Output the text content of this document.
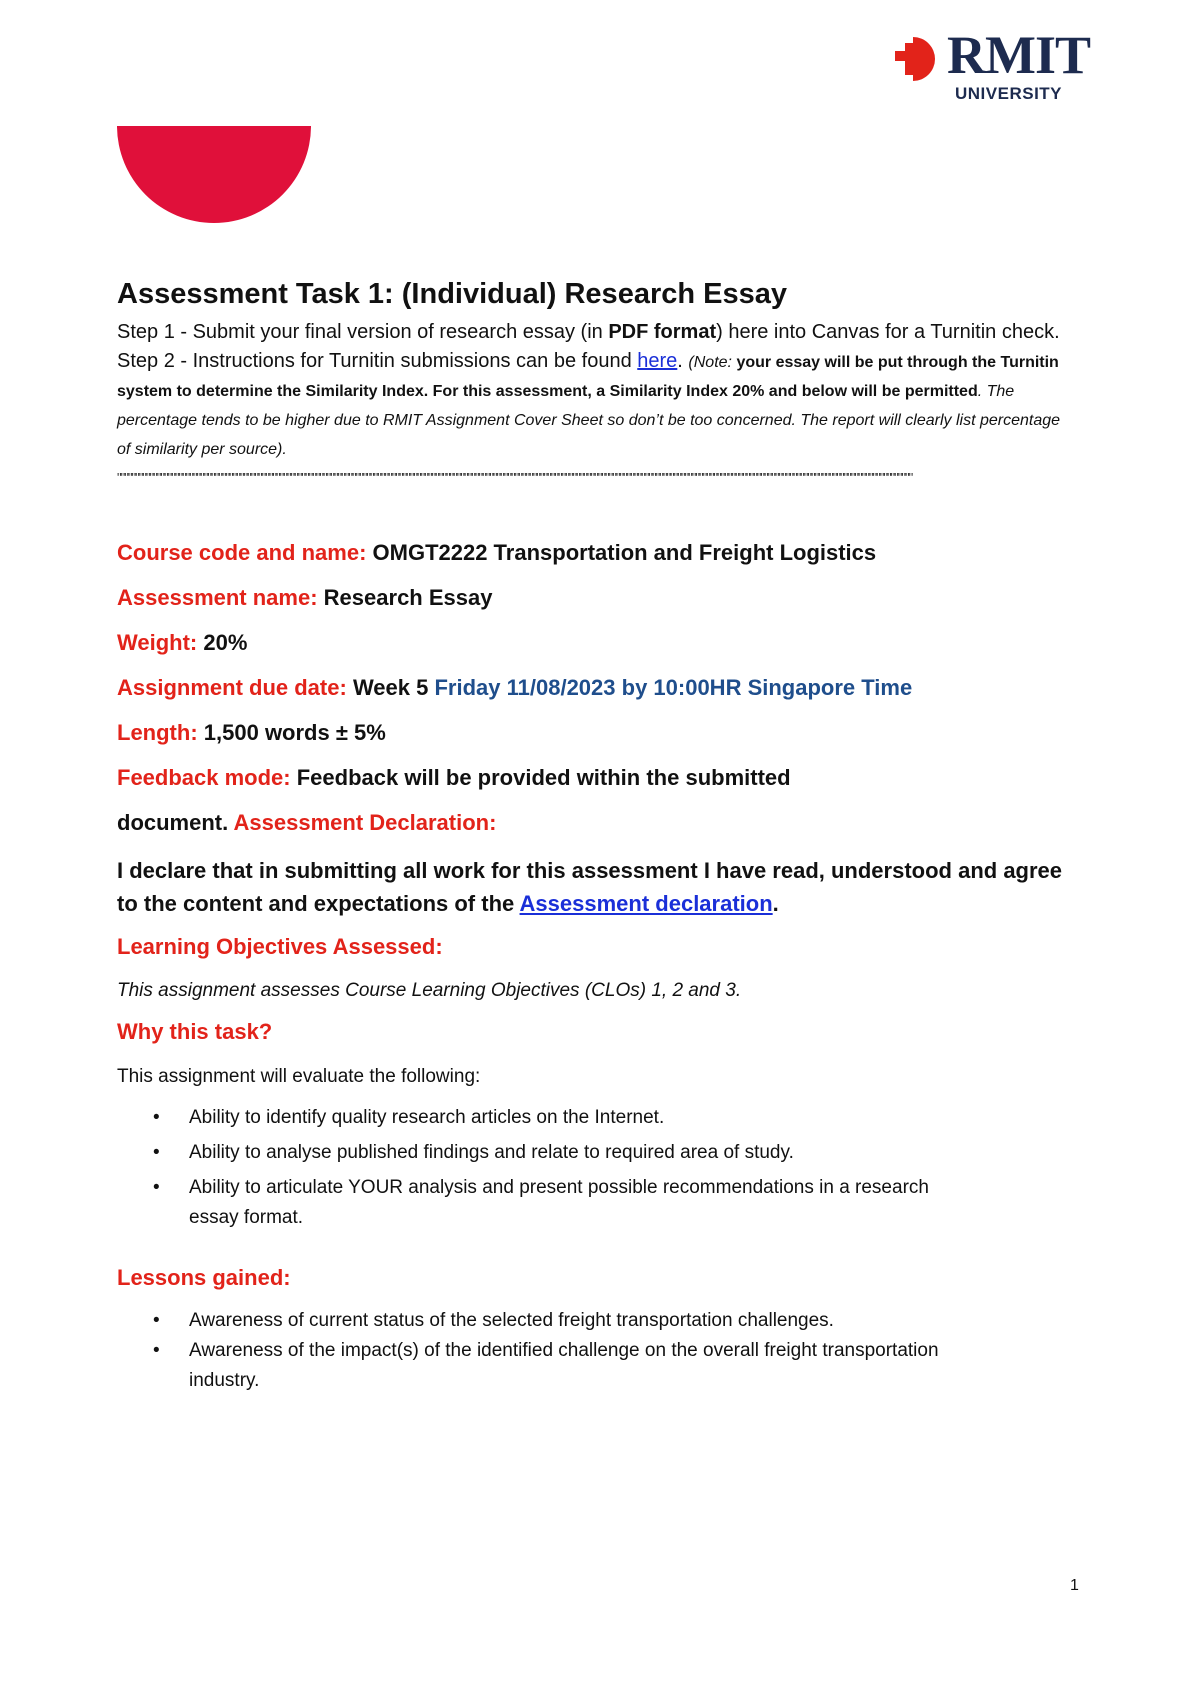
RMIT
UNIVERSITY
Assessment Task 1: (Individual) Research Essay

Step 1 - Submit your final version of research essay (in PDF format) here into Canvas for a Turnitin check.

Step 2 - Instructions for Turnitin submissions can be found here. (Note: your essay will be put through the Turnitin system to determine the Similarity Index. For this assessment, a Similarity Index 20% and below will be permitted. The percentage tends to be higher due to RMIT Assignment Cover Sheet so don’t be too concerned. The report will clearly list percentage of similarity per source).

""""""""""""""""""""""""""""""""""""""""""""""""""""""""""""""""""""""""""""""""""""""""""""""""""""""""""""""""""""""""""""""""""""""""""""""""""""""""""""""""""""""""""""""""""""""""""""""""""""""""""""""""""""""""""""

Course code and name: OMGT2222 Transportation and Freight Logistics

Assessment name: Research Essay

Weight: 20%

Assignment due date: Week 5 Friday 11/08/2023 by 10:00HR Singapore Time

Length: 1,500 words ± 5%

Feedback mode: Feedback will be provided within the submitted

document. Assessment Declaration:

I declare that in submitting all work for this assessment I have read, understood and agree to the content and expectations of the Assessment declaration.

Learning Objectives Assessed:

This assignment assesses Course Learning Objectives (CLOs) 1, 2 and 3.

Why this task?

This assignment will evaluate the following:

• Ability to identify quality research articles on the Internet.
• Ability to analyse published findings and relate to required area of study.
• Ability to articulate YOUR analysis and present possible recommendations in a research essay format.

Lessons gained:

• Awareness of current status of the selected freight transportation challenges.
• Awareness of the impact(s) of the identified challenge on the overall freight transportation industry.
1
